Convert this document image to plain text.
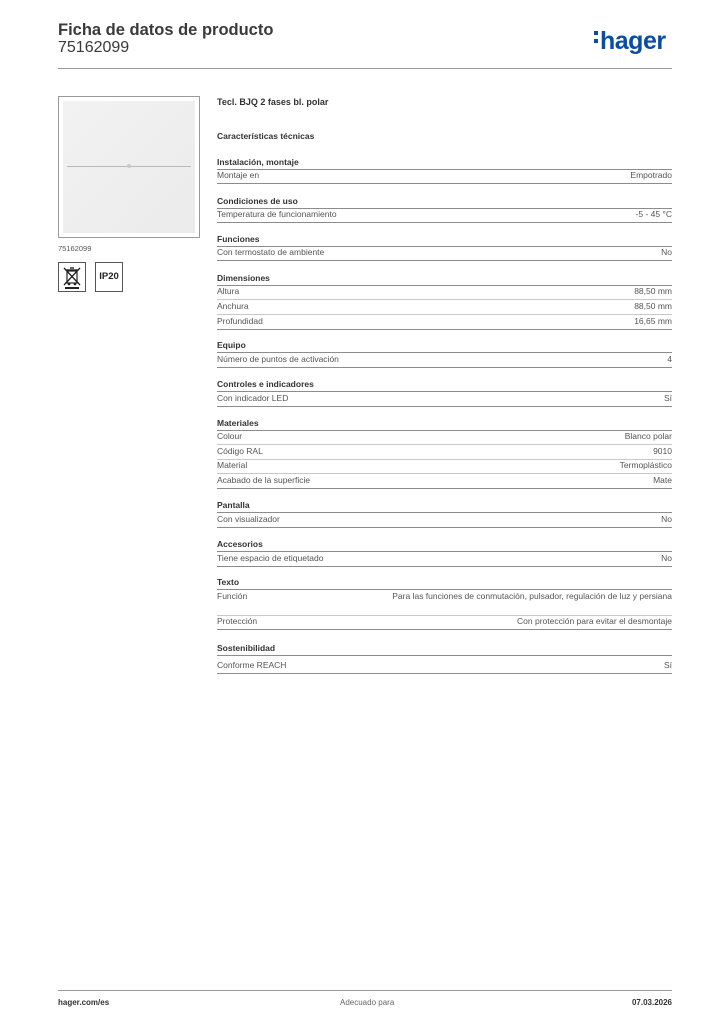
Ficha de datos de producto
75162099	hager
75162099
IP20
Tecl. BJQ 2 fases bl. polar
Características técnicas
Instalación, montaje
Montaje en	Empotrado
Condiciones de uso
Temperatura de funcionamiento	-5 - 45 °C
Funciones
Con termostato de ambiente	No
Dimensiones
Altura	88,50 mm
Anchura	88,50 mm
Profundidad	16,65 mm
Equipo
Número de puntos de activación	4
Controles e indicadores
Con indicador LED	Sí
Materiales
Colour	Blanco polar
Código RAL	9010
Material	Termoplástico
Acabado de la superficie	Mate
Pantalla
Con visualizador	No
Accesorios
Tiene espacio de etiquetado	No
Texto
Función	Para las funciones de conmutación, pulsador, regulación de luz y persiana
Protección	Con protección para evitar el desmontaje
Sostenibilidad
Conforme REACH	Sí
hager.com/es	Adecuado para	07.03.2026
